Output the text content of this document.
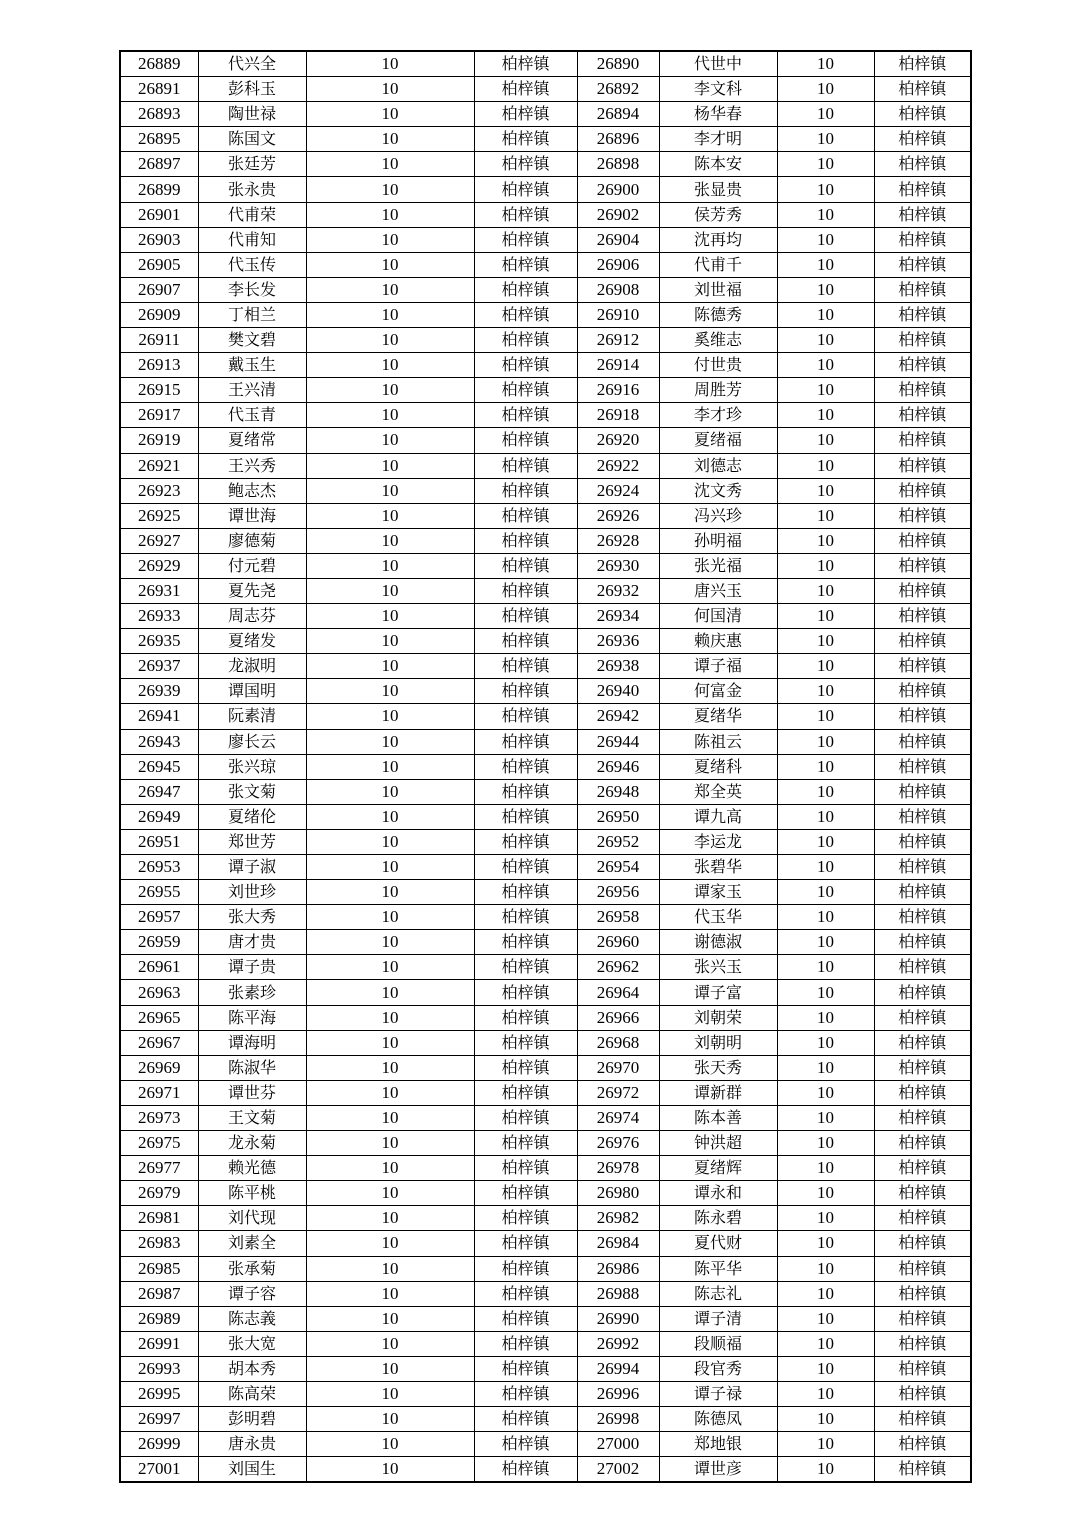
26889	代兴全	10	柏梓镇	26890	代世中	10	柏梓镇
26891	彭科玉	10	柏梓镇	26892	李文科	10	柏梓镇
26893	陶世禄	10	柏梓镇	26894	杨华春	10	柏梓镇
26895	陈国文	10	柏梓镇	26896	李才明	10	柏梓镇
26897	张廷芳	10	柏梓镇	26898	陈本安	10	柏梓镇
26899	张永贵	10	柏梓镇	26900	张显贵	10	柏梓镇
26901	代甫荣	10	柏梓镇	26902	侯芳秀	10	柏梓镇
26903	代甫知	10	柏梓镇	26904	沈再均	10	柏梓镇
26905	代玉传	10	柏梓镇	26906	代甫千	10	柏梓镇
26907	李长发	10	柏梓镇	26908	刘世福	10	柏梓镇
26909	丁相兰	10	柏梓镇	26910	陈德秀	10	柏梓镇
26911	樊文碧	10	柏梓镇	26912	奚维志	10	柏梓镇
26913	戴玉生	10	柏梓镇	26914	付世贵	10	柏梓镇
26915	王兴清	10	柏梓镇	26916	周胜芳	10	柏梓镇
26917	代玉青	10	柏梓镇	26918	李才珍	10	柏梓镇
26919	夏绪常	10	柏梓镇	26920	夏绪福	10	柏梓镇
26921	王兴秀	10	柏梓镇	26922	刘德志	10	柏梓镇
26923	鲍志杰	10	柏梓镇	26924	沈文秀	10	柏梓镇
26925	谭世海	10	柏梓镇	26926	冯兴珍	10	柏梓镇
26927	廖德菊	10	柏梓镇	26928	孙明福	10	柏梓镇
26929	付元碧	10	柏梓镇	26930	张光福	10	柏梓镇
26931	夏先尧	10	柏梓镇	26932	唐兴玉	10	柏梓镇
26933	周志芬	10	柏梓镇	26934	何国清	10	柏梓镇
26935	夏绪发	10	柏梓镇	26936	赖庆惠	10	柏梓镇
26937	龙淑明	10	柏梓镇	26938	谭子福	10	柏梓镇
26939	谭国明	10	柏梓镇	26940	何富金	10	柏梓镇
26941	阮素清	10	柏梓镇	26942	夏绪华	10	柏梓镇
26943	廖长云	10	柏梓镇	26944	陈祖云	10	柏梓镇
26945	张兴琼	10	柏梓镇	26946	夏绪科	10	柏梓镇
26947	张文菊	10	柏梓镇	26948	郑全英	10	柏梓镇
26949	夏绪伦	10	柏梓镇	26950	谭九高	10	柏梓镇
26951	郑世芳	10	柏梓镇	26952	李运龙	10	柏梓镇
26953	谭子淑	10	柏梓镇	26954	张碧华	10	柏梓镇
26955	刘世珍	10	柏梓镇	26956	谭家玉	10	柏梓镇
26957	张大秀	10	柏梓镇	26958	代玉华	10	柏梓镇
26959	唐才贵	10	柏梓镇	26960	谢德淑	10	柏梓镇
26961	谭子贵	10	柏梓镇	26962	张兴玉	10	柏梓镇
26963	张素珍	10	柏梓镇	26964	谭子富	10	柏梓镇
26965	陈平海	10	柏梓镇	26966	刘朝荣	10	柏梓镇
26967	谭海明	10	柏梓镇	26968	刘朝明	10	柏梓镇
26969	陈淑华	10	柏梓镇	26970	张天秀	10	柏梓镇
26971	谭世芬	10	柏梓镇	26972	谭新群	10	柏梓镇
26973	王文菊	10	柏梓镇	26974	陈本善	10	柏梓镇
26975	龙永菊	10	柏梓镇	26976	钟洪超	10	柏梓镇
26977	赖光德	10	柏梓镇	26978	夏绪辉	10	柏梓镇
26979	陈平桃	10	柏梓镇	26980	谭永和	10	柏梓镇
26981	刘代现	10	柏梓镇	26982	陈永碧	10	柏梓镇
26983	刘素全	10	柏梓镇	26984	夏代财	10	柏梓镇
26985	张承菊	10	柏梓镇	26986	陈平华	10	柏梓镇
26987	谭子容	10	柏梓镇	26988	陈志礼	10	柏梓镇
26989	陈志義	10	柏梓镇	26990	谭子清	10	柏梓镇
26991	张大宽	10	柏梓镇	26992	段顺福	10	柏梓镇
26993	胡本秀	10	柏梓镇	26994	段官秀	10	柏梓镇
26995	陈高荣	10	柏梓镇	26996	谭子禄	10	柏梓镇
26997	彭明碧	10	柏梓镇	26998	陈德凤	10	柏梓镇
26999	唐永贵	10	柏梓镇	27000	郑地银	10	柏梓镇
27001	刘国生	10	柏梓镇	27002	谭世彦	10	柏梓镇
